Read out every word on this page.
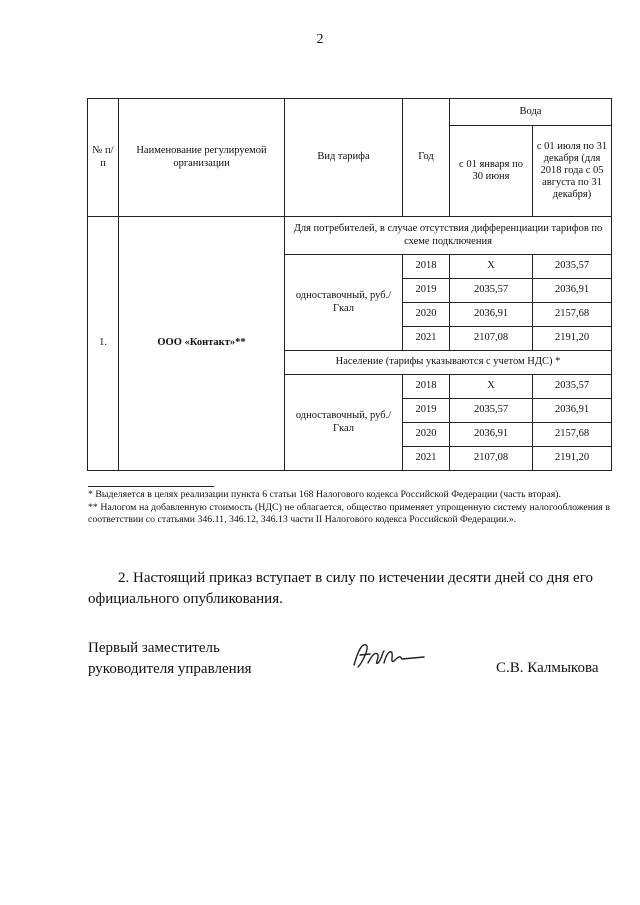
2
№ п/п	Наименование регулируемой организации	Вид тарифа	Год	Вода	
				с 01 января по 30 июня	с 01 июля по 31 декабря (для 2018 года с 05 августа по 31 декабря)
1.	ООО «Контакт»**	Для потребителей, в случае отсутствия дифференциации тарифов по схеме подключения			
		одноставочный, руб./Гкал	2018	X	2035,57
			2019	2035,57	2036,91
			2020	2036,91	2157,68
			2021	2107,08	2191,20
		Население (тарифы указываются с учетом НДС) *			
		одноставочный, руб./Гкал	2018	X	2035,57
			2019	2035,57	2036,91
			2020	2036,91	2157,68
			2021	2107,08	2191,20

* Выделяется в целях реализации пункта 6 статьи 168 Налогового кодекса Российской Федерации (часть вторая).

** Налогом на добавленную стоимость (НДС) не облагается, общество применяет упрощенную систему налогообложения в соответствии со статьями 346.11, 346.12, 346.13 части II Налогового кодекса Российской Федерации.».

2. Настоящий приказ вступает в силу по истечении десяти дней со дня его официального опубликования.

Первый заместитель
руководителя управления	С.В. Калмыкова
